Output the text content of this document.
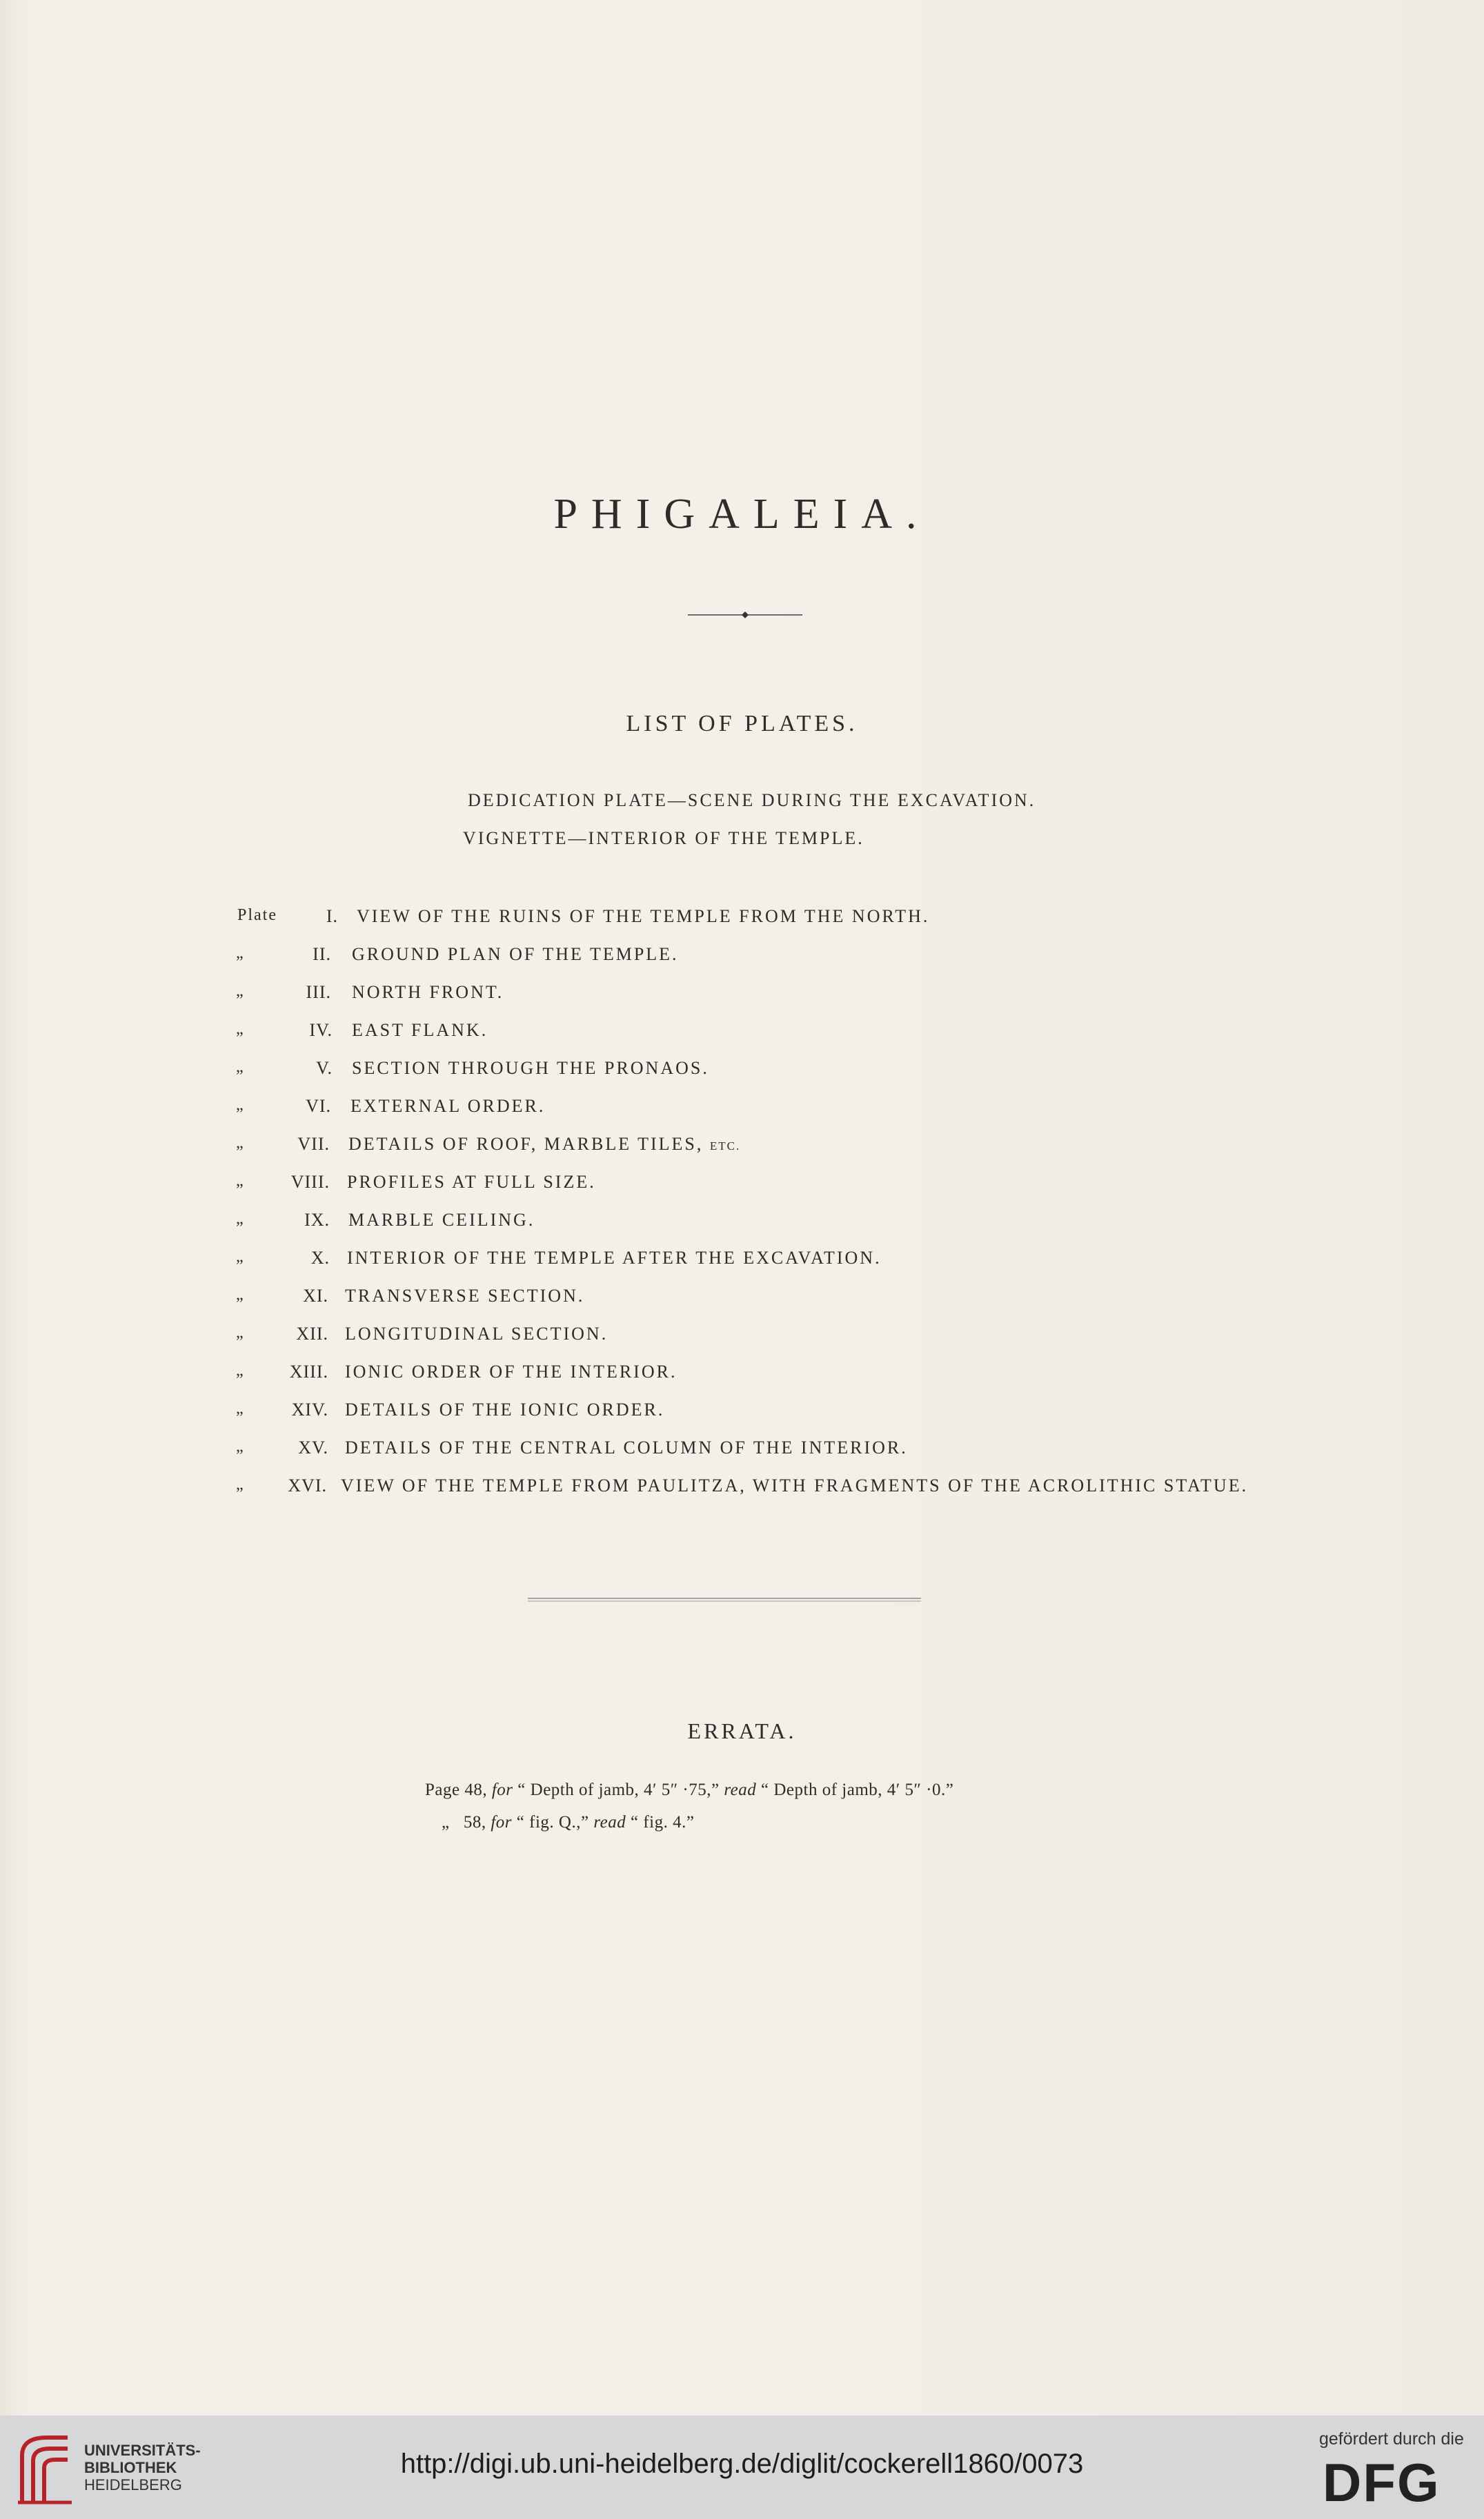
PHIGALEIA.
LIST OF PLATES.
DEDICATION PLATE—SCENE DURING THE EXCAVATION.
VIGNETTE—INTERIOR OF THE TEMPLE.
Plate	I. VIEW OF THE RUINS OF THE TEMPLE FROM THE NORTH.
„	II. GROUND PLAN OF THE TEMPLE.
„	III. NORTH FRONT.
„	IV. EAST FLANK.
„	V. SECTION THROUGH THE PRONAOS.
„	VI. EXTERNAL ORDER.
„	VII. DETAILS OF ROOF, MARBLE TILES, ETC.
„	VIII. PROFILES AT FULL SIZE.
„	IX. MARBLE CEILING.
„	X. INTERIOR OF THE TEMPLE AFTER THE EXCAVATION.
„	XI. TRANSVERSE SECTION.
„	XII. LONGITUDINAL SECTION.
„	XIII. IONIC ORDER OF THE INTERIOR.
„	XIV. DETAILS OF THE IONIC ORDER.
„	XV. DETAILS OF THE CENTRAL COLUMN OF THE INTERIOR.
„	XVI. VIEW OF THE TEMPLE FROM PAULITZA, WITH FRAGMENTS OF THE ACROLITHIC STATUE.
ERRATA.
Page 48, for “ Depth of jamb, 4′ 5″ ·75,” read “ Depth of jamb, 4′ 5″ ·0.”
„ 58, for “ fig. Q.,” read “ fig. 4.”
UNIVERSITÄTS-
BIBLIOTHEK
HEIDELBERG
http://digi.ub.uni-heidelberg.de/diglit/cockerell1860/0073
gefördert durch die
DFG
